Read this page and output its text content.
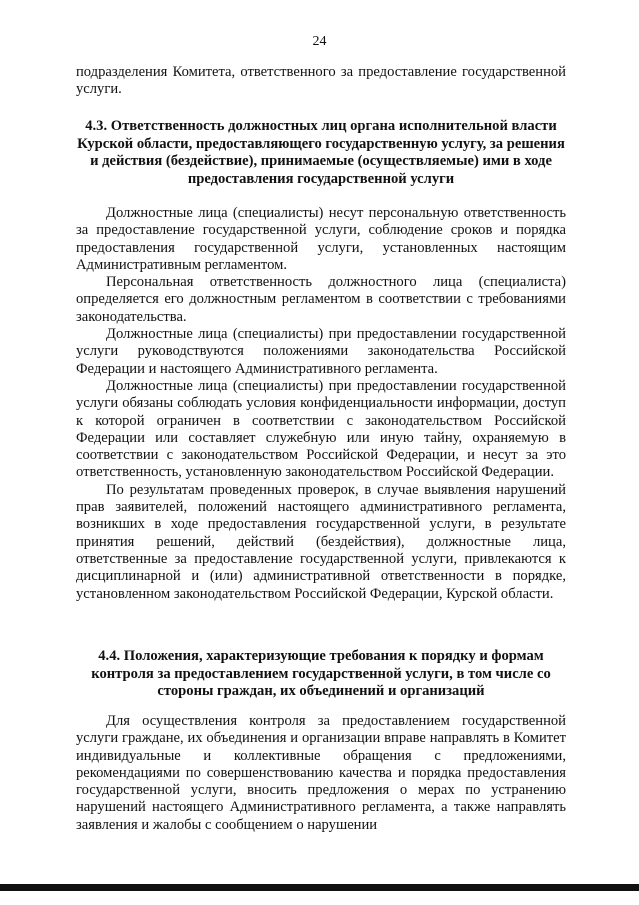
24

подразделения Комитета, ответственного за предоставление государственной услуги.

4.3. Ответственность должностных лиц органа исполнительной власти Курской области, предоставляющего государственную услугу, за решения и действия (бездействие), принимаемые (осуществляемые) ими в ходе предоставления государственной услуги

Должностные лица (специалисты) несут персональную ответственность за предоставление государственной услуги, соблюдение сроков и порядка предоставления государственной услуги, установленных настоящим Административным регламентом.

Персональная ответственность должностного лица (специалиста) определяется его должностным регламентом в соответствии с требованиями законодательства.

Должностные лица (специалисты) при предоставлении государственной услуги руководствуются положениями законодательства Российской Федерации и настоящего Административного регламента.

Должностные лица (специалисты) при предоставлении государственной услуги обязаны соблюдать условия конфиденциальности информации, доступ к которой ограничен в соответствии с законодательством Российской Федерации или составляет служебную или иную тайну, охраняемую в соответствии с законодательством Российской Федерации, и несут за это ответственность, установленную законодательством Российской Федерации.

По результатам проведенных проверок, в случае выявления нарушений прав заявителей, положений настоящего административного регламента, возникших в ходе предоставления государственной услуги, в результате принятия решений, действий (бездействия), должностные лица, ответственные за предоставление государственной услуги, привлекаются к дисциплинарной и (или) административной ответственности в порядке, установленном законодательством Российской Федерации, Курской области.

4.4. Положения, характеризующие требования к порядку и формам контроля за предоставлением государственной услуги, в том числе со стороны граждан, их объединений и организаций

Для осуществления контроля за предоставлением государственной услуги граждане, их объединения и организации вправе направлять в Комитет индивидуальные и коллективные обращения с предложениями, рекомендациями по совершенствованию качества и порядка предоставления государственной услуги, вносить предложения о мерах по устранению нарушений настоящего Административного регламента, а также направлять заявления и жалобы с сообщением о нарушении
